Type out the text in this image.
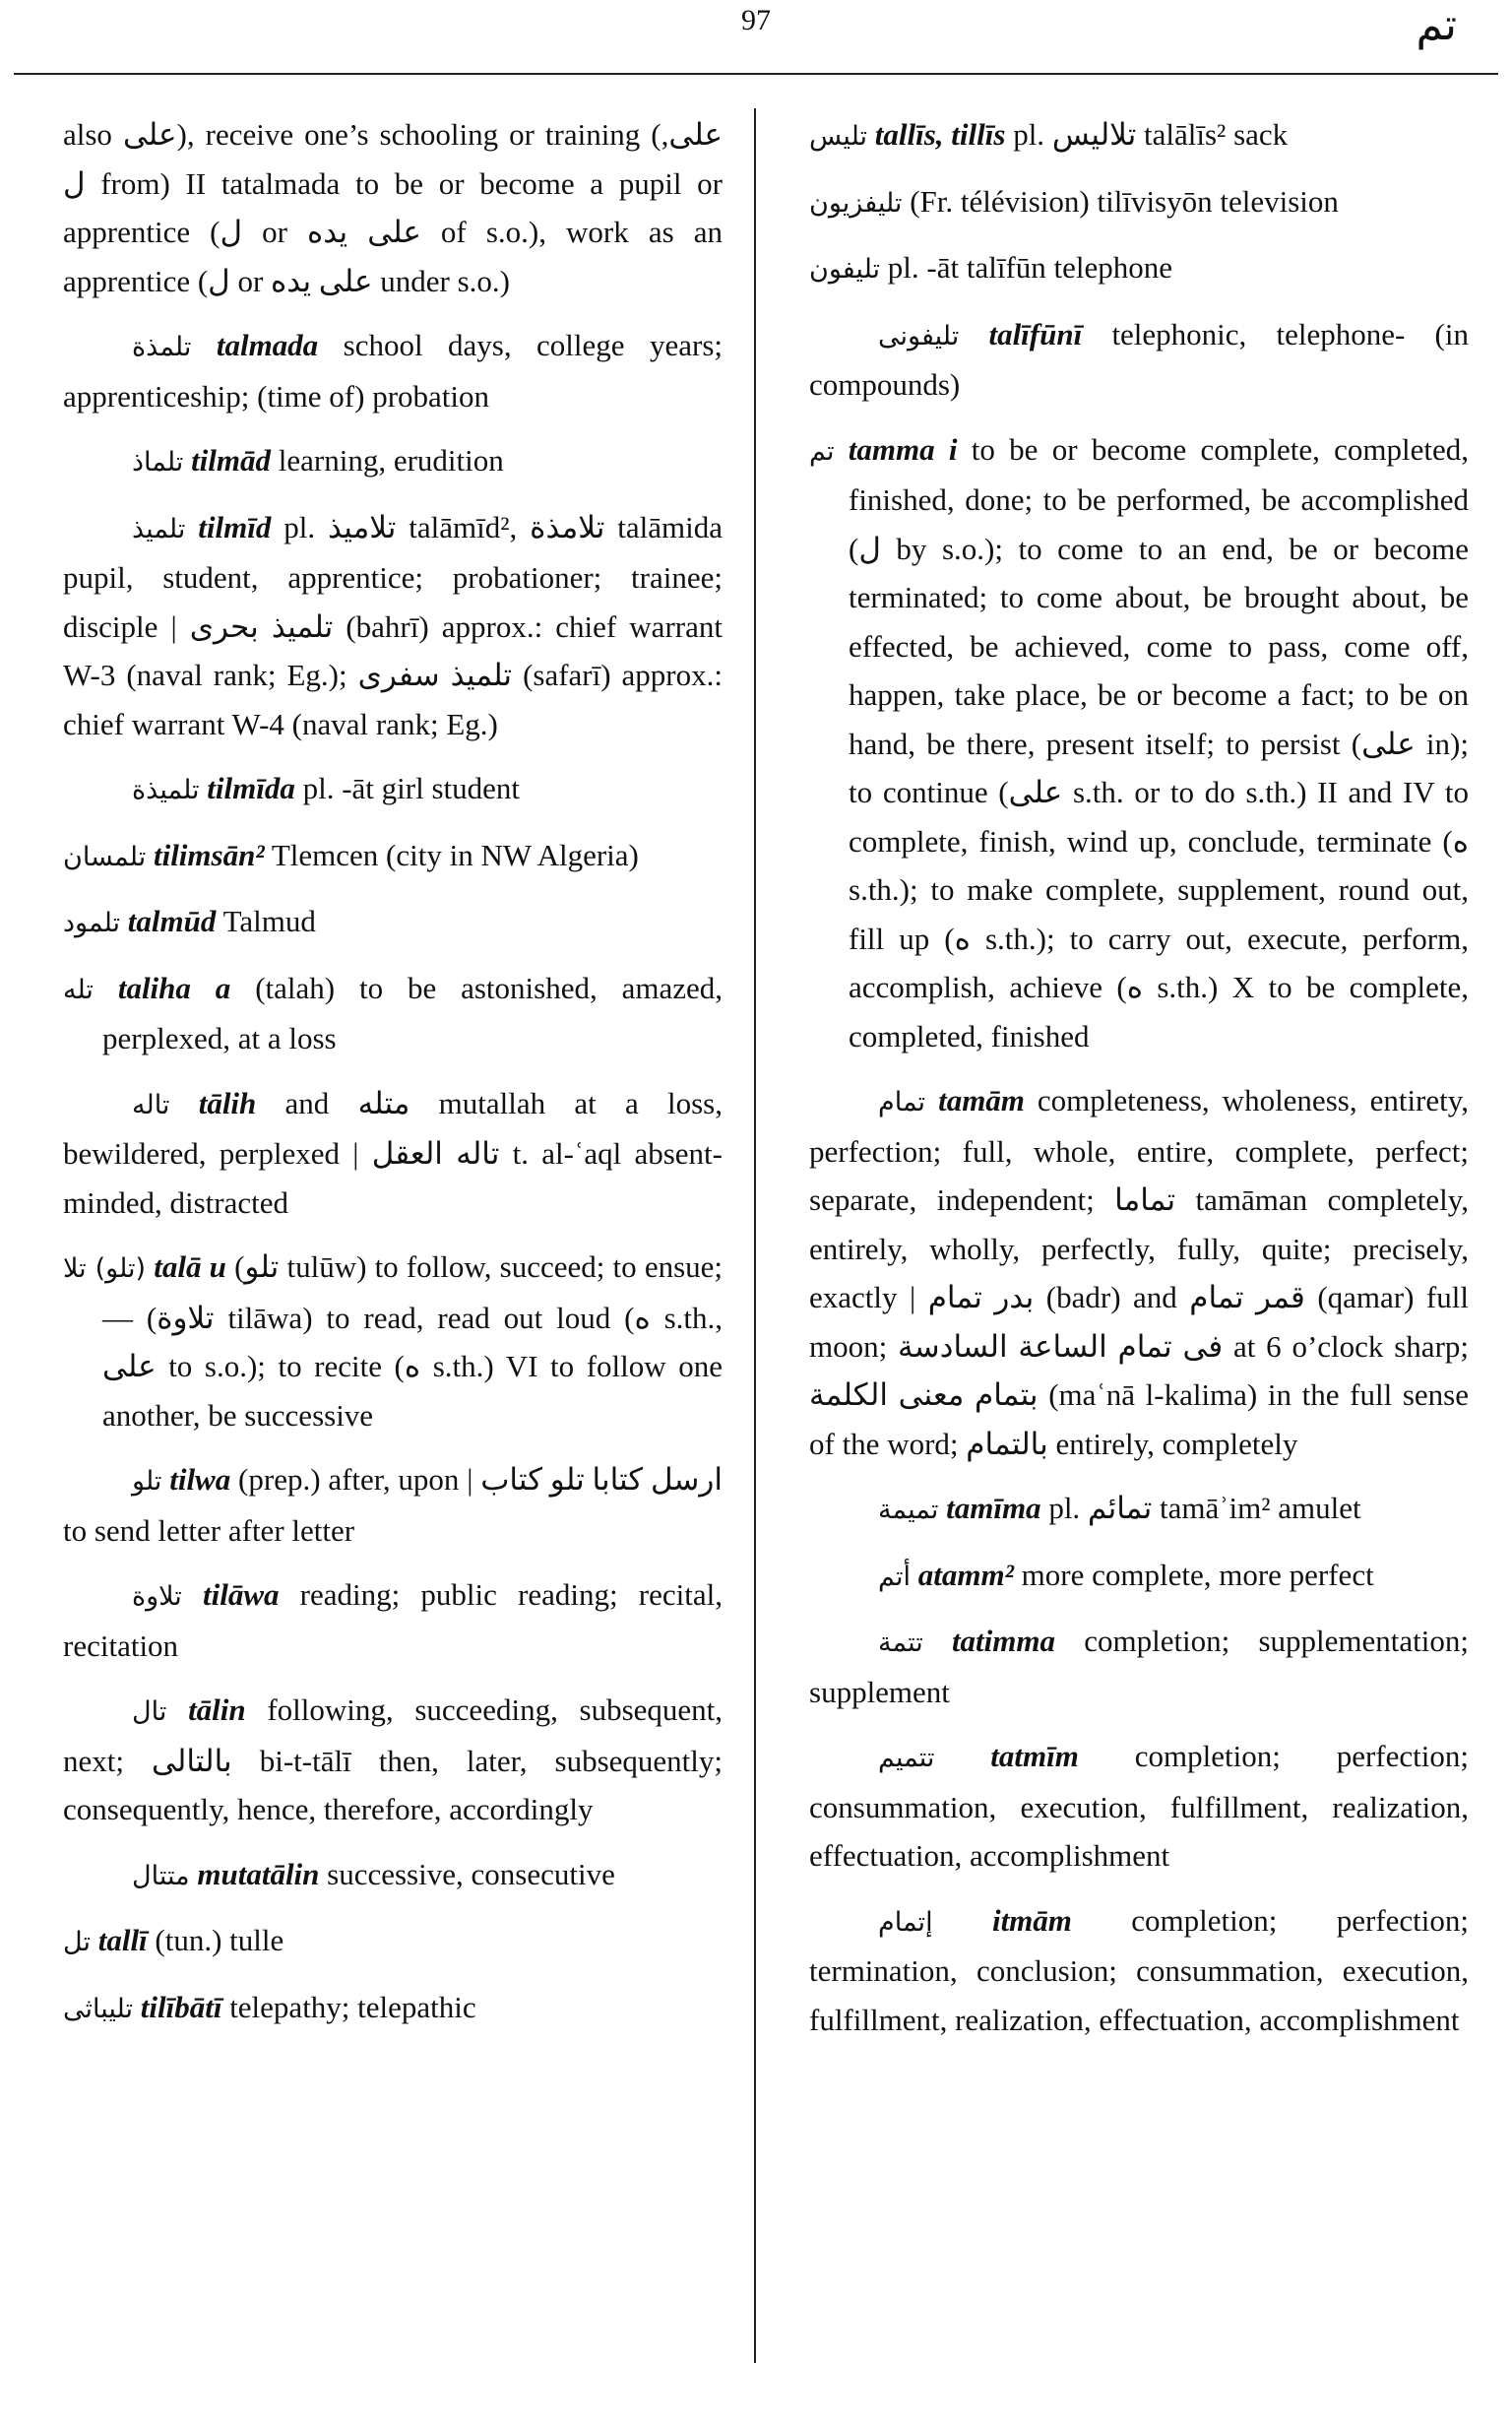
97	تم

also على), receive one’s schooling or training (على, ل from) II tatalmada to be or become a pupil or apprentice (ل or على يده of s.o.), work as an apprentice (ل or على يده under s.o.)

تلمذة talmada school days, college years; apprenticeship; (time of) probation

تلماذ tilmād learning, erudition

تلميذ tilmīd pl. تلاميذ talāmīd², تلامذة talāmida pupil, student, apprentice; probationer; trainee; disciple | تلميذ بحرى (bahrī) approx.: chief warrant W-3 (naval rank; Eg.); تلميذ سفرى (safarī) approx.: chief warrant W-4 (naval rank; Eg.)

تلميذة tilmīda pl. -āt girl student

تلمسان tilimsān² Tlemcen (city in NW Algeria)

تلمود talmūd Talmud

تله taliha a (talah) to be astonished, amazed, perplexed, at a loss

تاله tālih and متله mutallah at a loss, bewildered, perplexed | تاله العقل t. al-ʿaql absent-minded, distracted

(تلو) تلا talā u (تلو tulūw) to follow, succeed; to ensue; — (تلاوة tilāwa) to read, read out loud (ه s.th., على to s.o.); to recite (ه s.th.) VI to follow one another, be successive

تلو tilwa (prep.) after, upon | ارسل كتابا تلو كتاب to send letter after letter

تلاوة tilāwa reading; public reading; recital, recitation

تال tālin following, succeeding, subsequent, next; بالتالى bi-t-tālī then, later, subsequently; consequently, hence, therefore, accordingly

متتال mutatālin successive, consecutive

تل tallī (tun.) tulle

تليباثى tilībātī telepathy; telepathic

تليس tallīs, tillīs pl. تلاليس talālīs² sack

تليفزيون (Fr. télévision) tilīvisyōn television

تليفون pl. -āt talīfūn telephone

تليفونى talīfūnī telephonic, telephone- (in compounds)

تم tamma i to be or become complete, completed, finished, done; to be performed, be accomplished (ل by s.o.); to come to an end, be or become terminated; to come about, be brought about, be effected, be achieved, come to pass, come off, happen, take place, be or become a fact; to be on hand, be there, present itself; to persist (على in); to continue (على s.th. or to do s.th.) II and IV to complete, finish, wind up, conclude, terminate (ه s.th.); to make complete, supplement, round out, fill up (ه s.th.); to carry out, execute, perform, accomplish, achieve (ه s.th.) X to be complete, completed, finished

تمام tamām completeness, wholeness, entirety, perfection; full, whole, entire, complete, perfect; separate, independent; تماما tamāman completely, entirely, wholly, perfectly, fully, quite; precisely, exactly | بدر تمام (badr) and قمر تمام (qamar) full moon; فى تمام الساعة السادسة at 6 o’clock sharp; بتمام معنى الكلمة (maʿnā l-kalima) in the full sense of the word; بالتمام entirely, completely

تميمة tamīma pl. تمائم tamāʾim² amulet

أتم atamm² more complete, more perfect

تتمة tatimma completion; supplementation; supplement

تتميم tatmīm completion; perfection; consummation, execution, fulfillment, realization, effectuation, accomplishment

إتمام itmām completion; perfection; termination, conclusion; consummation, execution, fulfillment, realization, effectuation, accomplishment
